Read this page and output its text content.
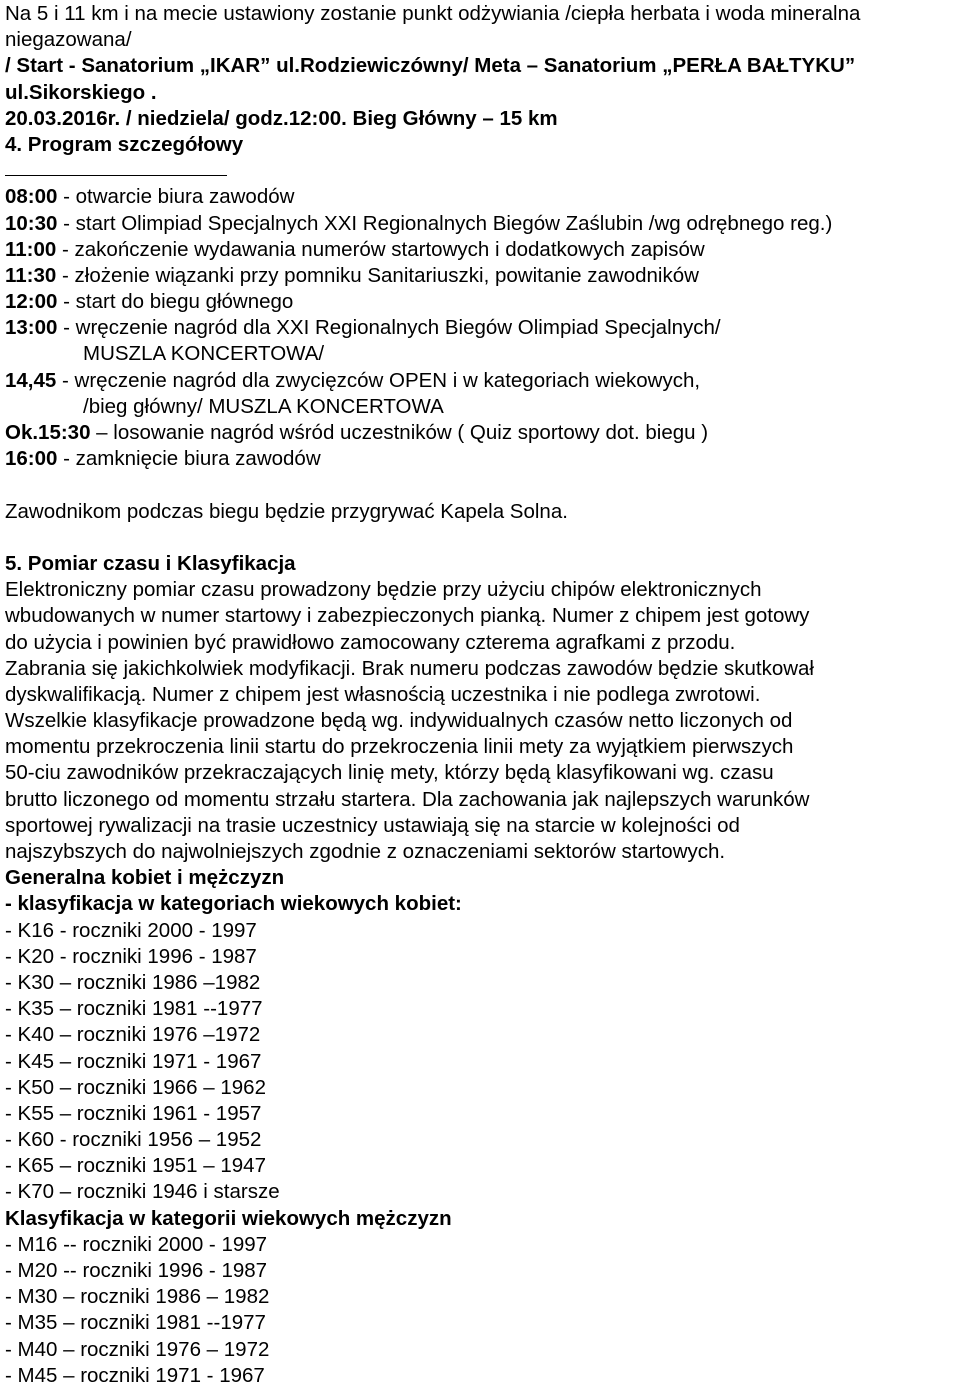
Na 5 i 11 km i na mecie ustawiony zostanie punkt odżywiania /ciepła herbata i woda mineralna
niegazowana/
/ Start - Sanatorium „IKAR” ul.Rodziewiczówny/ Meta – Sanatorium „PERŁA BAŁTYKU”
ul.Sikorskiego .
20.03.2016r. / niedziela/ godz.12:00. Bieg Główny – 15 km
4. Program szczegółowy
08:00 - otwarcie biura zawodów
10:30 - start Olimpiad Specjalnych XXI Regionalnych Biegów Zaślubin /wg odrębnego reg.)
11:00 - zakończenie wydawania numerów startowych i dodatkowych zapisów
11:30 - złożenie wiązanki przy pomniku Sanitariuszki, powitanie zawodników
12:00 - start do biegu głównego
13:00 - wręczenie nagród dla XXI Regionalnych Biegów Olimpiad Specjalnych/
MUSZLA KONCERTOWA/
14,45 - wręczenie nagród dla zwycięzców OPEN i w kategoriach wiekowych,
/bieg główny/ MUSZLA KONCERTOWA
Ok.15:30 – losowanie nagród wśród uczestników ( Quiz sportowy dot. biegu )
16:00 - zamknięcie biura zawodów
Zawodnikom podczas biegu będzie przygrywać Kapela Solna.
5. Pomiar czasu i Klasyfikacja
Elektroniczny pomiar czasu prowadzony będzie przy użyciu chipów elektronicznych
wbudowanych w numer startowy i zabezpieczonych pianką. Numer z chipem jest gotowy
do użycia i powinien być prawidłowo zamocowany czterema agrafkami z przodu.
Zabrania się jakichkolwiek modyfikacji. Brak numeru podczas zawodów będzie skutkował
dyskwalifikacją. Numer z chipem jest własnością uczestnika i nie podlega zwrotowi.
Wszelkie klasyfikacje prowadzone będą wg. indywidualnych czasów netto liczonych od
momentu przekroczenia linii startu do przekroczenia linii mety za wyjątkiem pierwszych
50-ciu zawodników przekraczających linię mety, którzy będą klasyfikowani wg. czasu
brutto liczonego od momentu strzału startera. Dla zachowania jak najlepszych warunków
sportowej rywalizacji na trasie uczestnicy ustawiają się na starcie w kolejności od
najszybszych do najwolniejszych zgodnie z oznaczeniami sektorów startowych.
Generalna kobiet i mężczyzn
- klasyfikacja w kategoriach wiekowych kobiet:
- K16 - roczniki 2000 - 1997
- K20 - roczniki 1996 - 1987
- K30 – roczniki 1986 –1982
- K35 – roczniki 1981 --1977
- K40 – roczniki 1976 –1972
- K45 – roczniki 1971 - 1967
- K50 – roczniki 1966 – 1962
- K55 – roczniki 1961 - 1957
- K60 - roczniki 1956 – 1952
- K65 – roczniki 1951 – 1947
- K70 – roczniki 1946 i starsze
Klasyfikacja w kategorii wiekowych mężczyzn
- M16 -- roczniki 2000 - 1997
- M20 -- roczniki 1996 - 1987
- M30 – roczniki 1986 – 1982
- M35 – roczniki 1981 --1977
- M40 – roczniki 1976 – 1972
- M45 – roczniki 1971 - 1967
